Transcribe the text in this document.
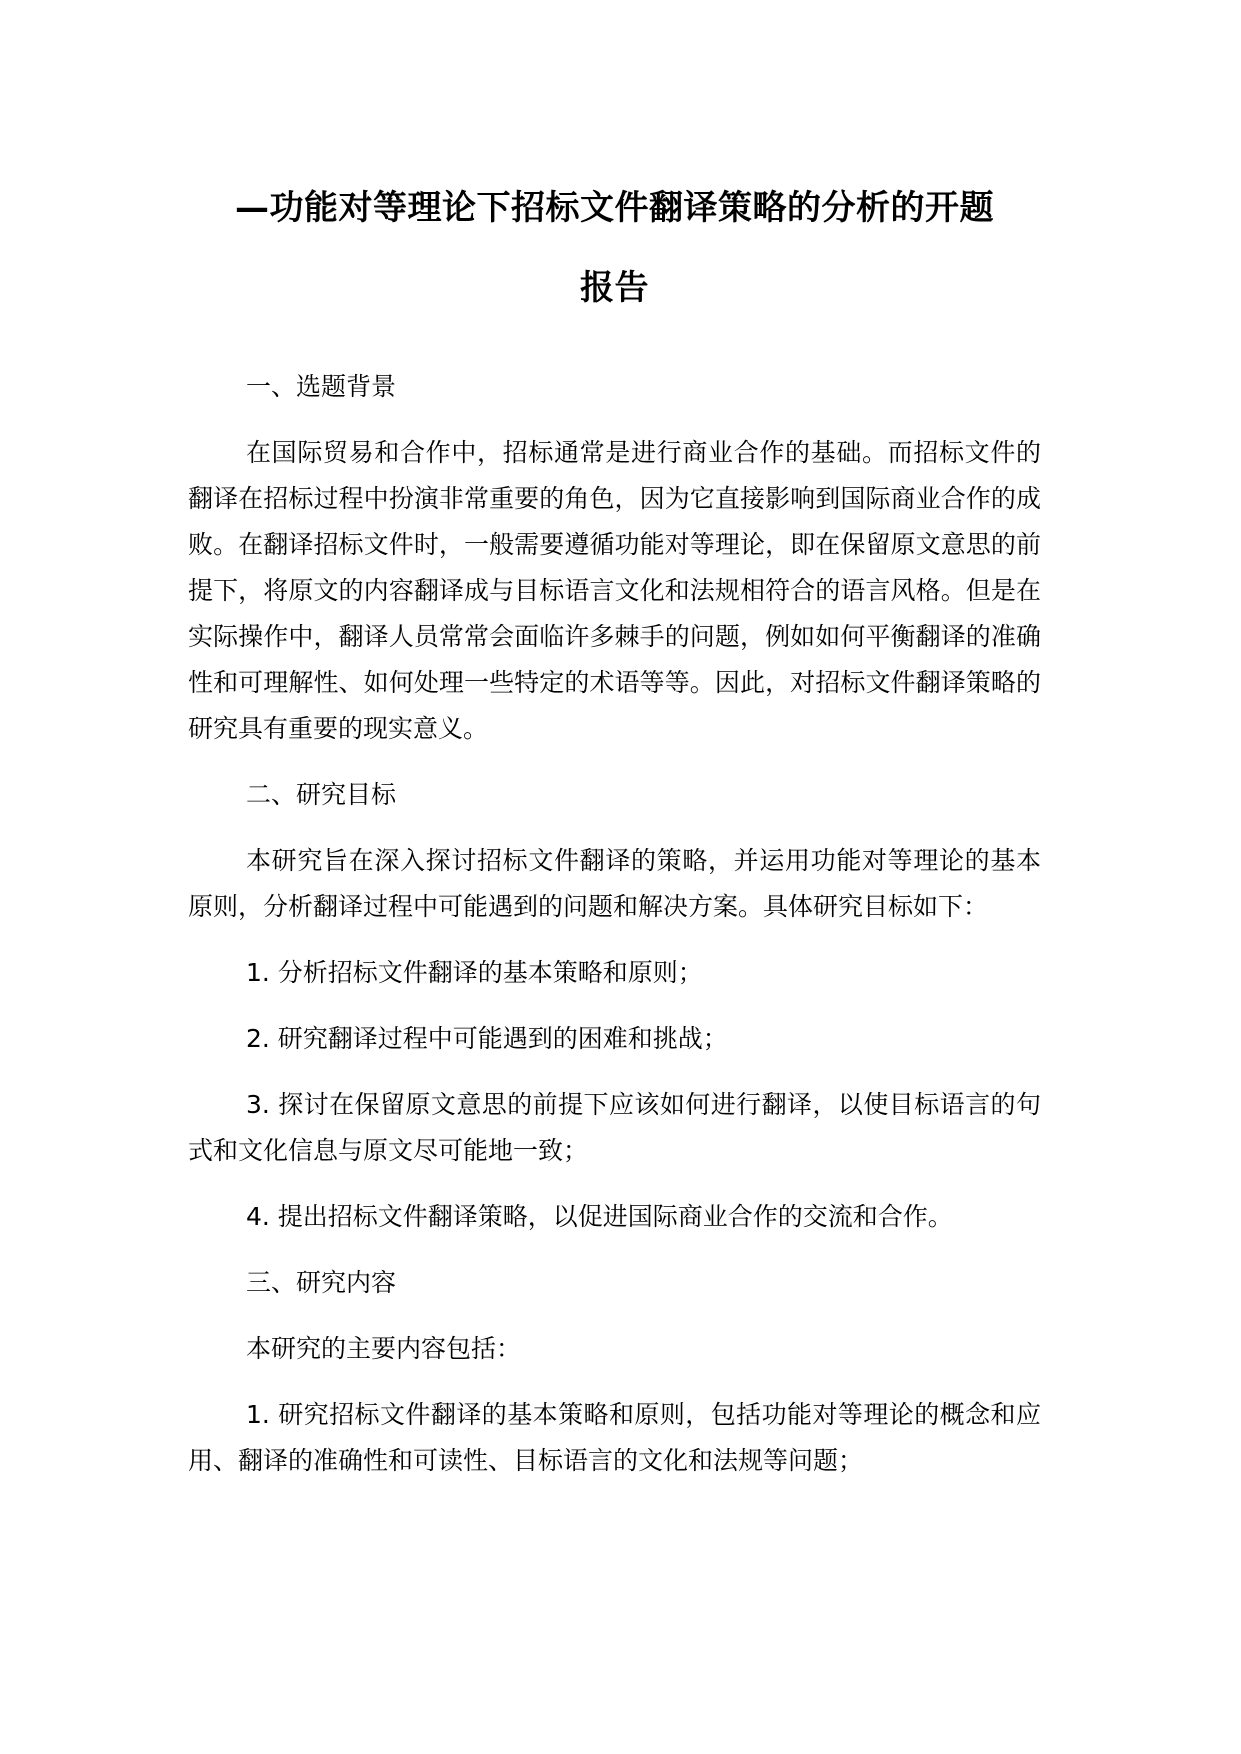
—功能对等理论下招标文件翻译策略的分析的开题
报告

一、选题背景

在国际贸易和合作中，招标通常是进行商业合作的基础。而招标文件的翻译在招标过程中扮演非常重要的角色，因为它直接影响到国际商业合作的成败。在翻译招标文件时，一般需要遵循功能对等理论，即在保留原文意思的前提下，将原文的内容翻译成与目标语言文化和法规相符合的语言风格。但是在实际操作中，翻译人员常常会面临许多棘手的问题，例如如何平衡翻译的准确性和可理解性、如何处理一些特定的术语等等。因此，对招标文件翻译策略的研究具有重要的现实意义。

二、研究目标

本研究旨在深入探讨招标文件翻译的策略，并运用功能对等理论的基本原则，分析翻译过程中可能遇到的问题和解决方案。具体研究目标如下：

1. 分析招标文件翻译的基本策略和原则；

2. 研究翻译过程中可能遇到的困难和挑战；

3. 探讨在保留原文意思的前提下应该如何进行翻译，以使目标语言的句式和文化信息与原文尽可能地一致；

4. 提出招标文件翻译策略，以促进国际商业合作的交流和合作。

三、研究内容

本研究的主要内容包括：

1. 研究招标文件翻译的基本策略和原则，包括功能对等理论的概念和应用、翻译的准确性和可读性、目标语言的文化和法规等问题；
